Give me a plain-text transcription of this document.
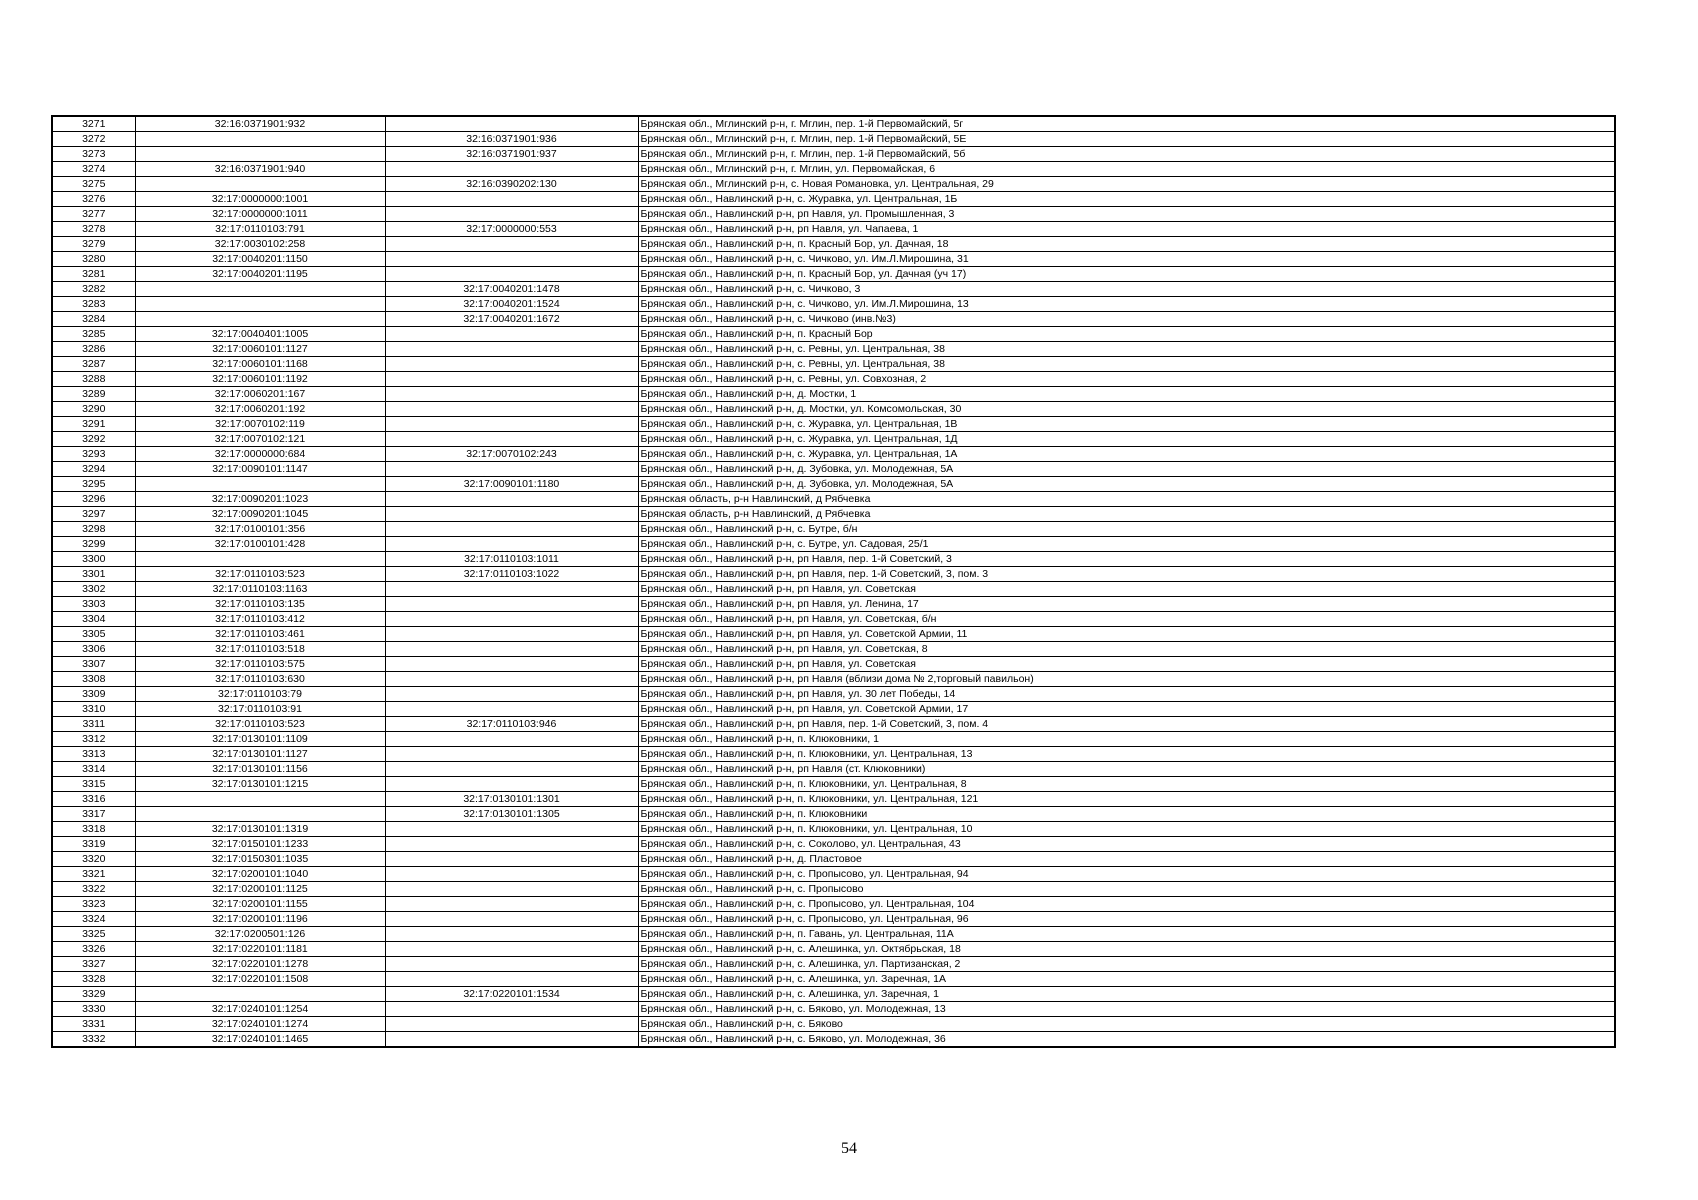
3271	32:16:0371901:932		Брянская обл., Мглинский р-н, г. Мглин, пер. 1-й Первомайский, 5г
3272		32:16:0371901:936	Брянская обл., Мглинский р-н, г. Мглин, пер. 1-й Первомайский, 5Е
3273		32:16:0371901:937	Брянская обл., Мглинский р-н, г. Мглин, пер. 1-й Первомайский, 5б
3274	32:16:0371901:940		Брянская обл., Мглинский р-н, г. Мглин, ул. Первомайская, 6
3275		32:16:0390202:130	Брянская обл., Мглинский р-н, с. Новая Романовка, ул. Центральная, 29
3276	32:17:0000000:1001		Брянская обл., Навлинский р-н, с. Журавка, ул. Центральная, 1Б
3277	32:17:0000000:1011		Брянская обл., Навлинский р-н, рп Навля, ул. Промышленная, 3
3278	32:17:0110103:791	32:17:0000000:553	Брянская обл., Навлинский р-н, рп Навля, ул. Чапаева, 1
3279	32:17:0030102:258		Брянская обл., Навлинский р-н, п. Красный Бор, ул. Дачная, 18
3280	32:17:0040201:1150		Брянская обл., Навлинский р-н, с. Чичково, ул. Им.Л.Мирошина, 31
3281	32:17:0040201:1195		Брянская обл., Навлинский р-н, п. Красный Бор, ул. Дачная (уч 17)
3282		32:17:0040201:1478	Брянская обл., Навлинский р-н, с. Чичково, 3
3283		32:17:0040201:1524	Брянская обл., Навлинский р-н, с. Чичково, ул. Им.Л.Мирошина, 13
3284		32:17:0040201:1672	Брянская обл., Навлинский р-н, с. Чичково (инв.№3)
3285	32:17:0040401:1005		Брянская обл., Навлинский р-н, п. Красный Бор
3286	32:17:0060101:1127		Брянская обл., Навлинский р-н, с. Ревны, ул. Центральная, 38
3287	32:17:0060101:1168		Брянская обл., Навлинский р-н, с. Ревны, ул. Центральная, 38
3288	32:17:0060101:1192		Брянская обл., Навлинский р-н, с. Ревны, ул. Совхозная, 2
3289	32:17:0060201:167		Брянская обл., Навлинский р-н, д. Мостки, 1
3290	32:17:0060201:192		Брянская обл., Навлинский р-н, д. Мостки, ул. Комсомольская, 30
3291	32:17:0070102:119		Брянская обл., Навлинский р-н, с. Журавка, ул. Центральная, 1В
3292	32:17:0070102:121		Брянская обл., Навлинский р-н, с. Журавка, ул. Центральная, 1Д
3293	32:17:0000000:684	32:17:0070102:243	Брянская обл., Навлинский р-н, с. Журавка, ул. Центральная, 1А
3294	32:17:0090101:1147		Брянская обл., Навлинский р-н, д. Зубовка, ул. Молодежная, 5А
3295		32:17:0090101:1180	Брянская обл., Навлинский р-н, д. Зубовка, ул. Молодежная, 5А
3296	32:17:0090201:1023		Брянская область, р-н Навлинский, д Рябчевка
3297	32:17:0090201:1045		Брянская область, р-н Навлинский, д Рябчевка
3298	32:17:0100101:356		Брянская обл., Навлинский р-н, с. Бутре, б/н
3299	32:17:0100101:428		Брянская обл., Навлинский р-н, с. Бутре, ул. Садовая, 25/1
3300		32:17:0110103:1011	Брянская обл., Навлинский р-н, рп Навля, пер. 1-й Советский, 3
3301	32:17:0110103:523	32:17:0110103:1022	Брянская обл., Навлинский р-н, рп Навля, пер. 1-й Советский, 3, пом. 3
3302	32:17:0110103:1163		Брянская обл., Навлинский р-н, рп Навля, ул. Советская
3303	32:17:0110103:135		Брянская обл., Навлинский р-н, рп Навля, ул. Ленина, 17
3304	32:17:0110103:412		Брянская обл., Навлинский р-н, рп Навля, ул. Советская, б/н
3305	32:17:0110103:461		Брянская обл., Навлинский р-н, рп Навля, ул. Советской Армии, 11
3306	32:17:0110103:518		Брянская обл., Навлинский р-н, рп Навля, ул. Советская, 8
3307	32:17:0110103:575		Брянская обл., Навлинский р-н, рп Навля, ул. Советская
3308	32:17:0110103:630		Брянская обл., Навлинский р-н, рп Навля (вблизи дома № 2,торговый павильон)
3309	32:17:0110103:79		Брянская обл., Навлинский р-н, рп Навля, ул. 30 лет Победы, 14
3310	32:17:0110103:91		Брянская обл., Навлинский р-н, рп Навля, ул. Советской Армии, 17
3311	32:17:0110103:523	32:17:0110103:946	Брянская обл., Навлинский р-н, рп Навля, пер. 1-й Советский, 3, пом. 4
3312	32:17:0130101:1109		Брянская обл., Навлинский р-н, п. Клюковники, 1
3313	32:17:0130101:1127		Брянская обл., Навлинский р-н, п. Клюковники, ул. Центральная, 13
3314	32:17:0130101:1156		Брянская обл., Навлинский р-н, рп Навля (ст. Клюковники)
3315	32:17:0130101:1215		Брянская обл., Навлинский р-н, п. Клюковники, ул. Центральная, 8
3316		32:17:0130101:1301	Брянская обл., Навлинский р-н, п. Клюковники, ул. Центральная, 121
3317		32:17:0130101:1305	Брянская обл., Навлинский р-н, п. Клюковники
3318	32:17:0130101:1319		Брянская обл., Навлинский р-н, п. Клюковники, ул. Центральная, 10
3319	32:17:0150101:1233		Брянская обл., Навлинский р-н, с. Соколово, ул. Центральная, 43
3320	32:17:0150301:1035		Брянская обл., Навлинский р-н, д. Пластовое
3321	32:17:0200101:1040		Брянская обл., Навлинский р-н, с. Пропысово, ул. Центральная, 94
3322	32:17:0200101:1125		Брянская обл., Навлинский р-н, с. Пропысово
3323	32:17:0200101:1155		Брянская обл., Навлинский р-н, с. Пропысово, ул. Центральная, 104
3324	32:17:0200101:1196		Брянская обл., Навлинский р-н, с. Пропысово, ул. Центральная, 96
3325	32:17:0200501:126		Брянская обл., Навлинский р-н, п. Гавань, ул. Центральная, 11А
3326	32:17:0220101:1181		Брянская обл., Навлинский р-н, с. Алешинка, ул. Октябрьская, 18
3327	32:17:0220101:1278		Брянская обл., Навлинский р-н, с. Алешинка, ул. Партизанская, 2
3328	32:17:0220101:1508		Брянская обл., Навлинский р-н, с. Алешинка, ул. Заречная, 1А
3329		32:17:0220101:1534	Брянская обл., Навлинский р-н, с. Алешинка, ул. Заречная, 1
3330	32:17:0240101:1254		Брянская обл., Навлинский р-н, с. Бяково, ул. Молодежная, 13
3331	32:17:0240101:1274		Брянская обл., Навлинский р-н, с. Бяково
3332	32:17:0240101:1465		Брянская обл., Навлинский р-н, с. Бяково, ул. Молодежная, 36
54
